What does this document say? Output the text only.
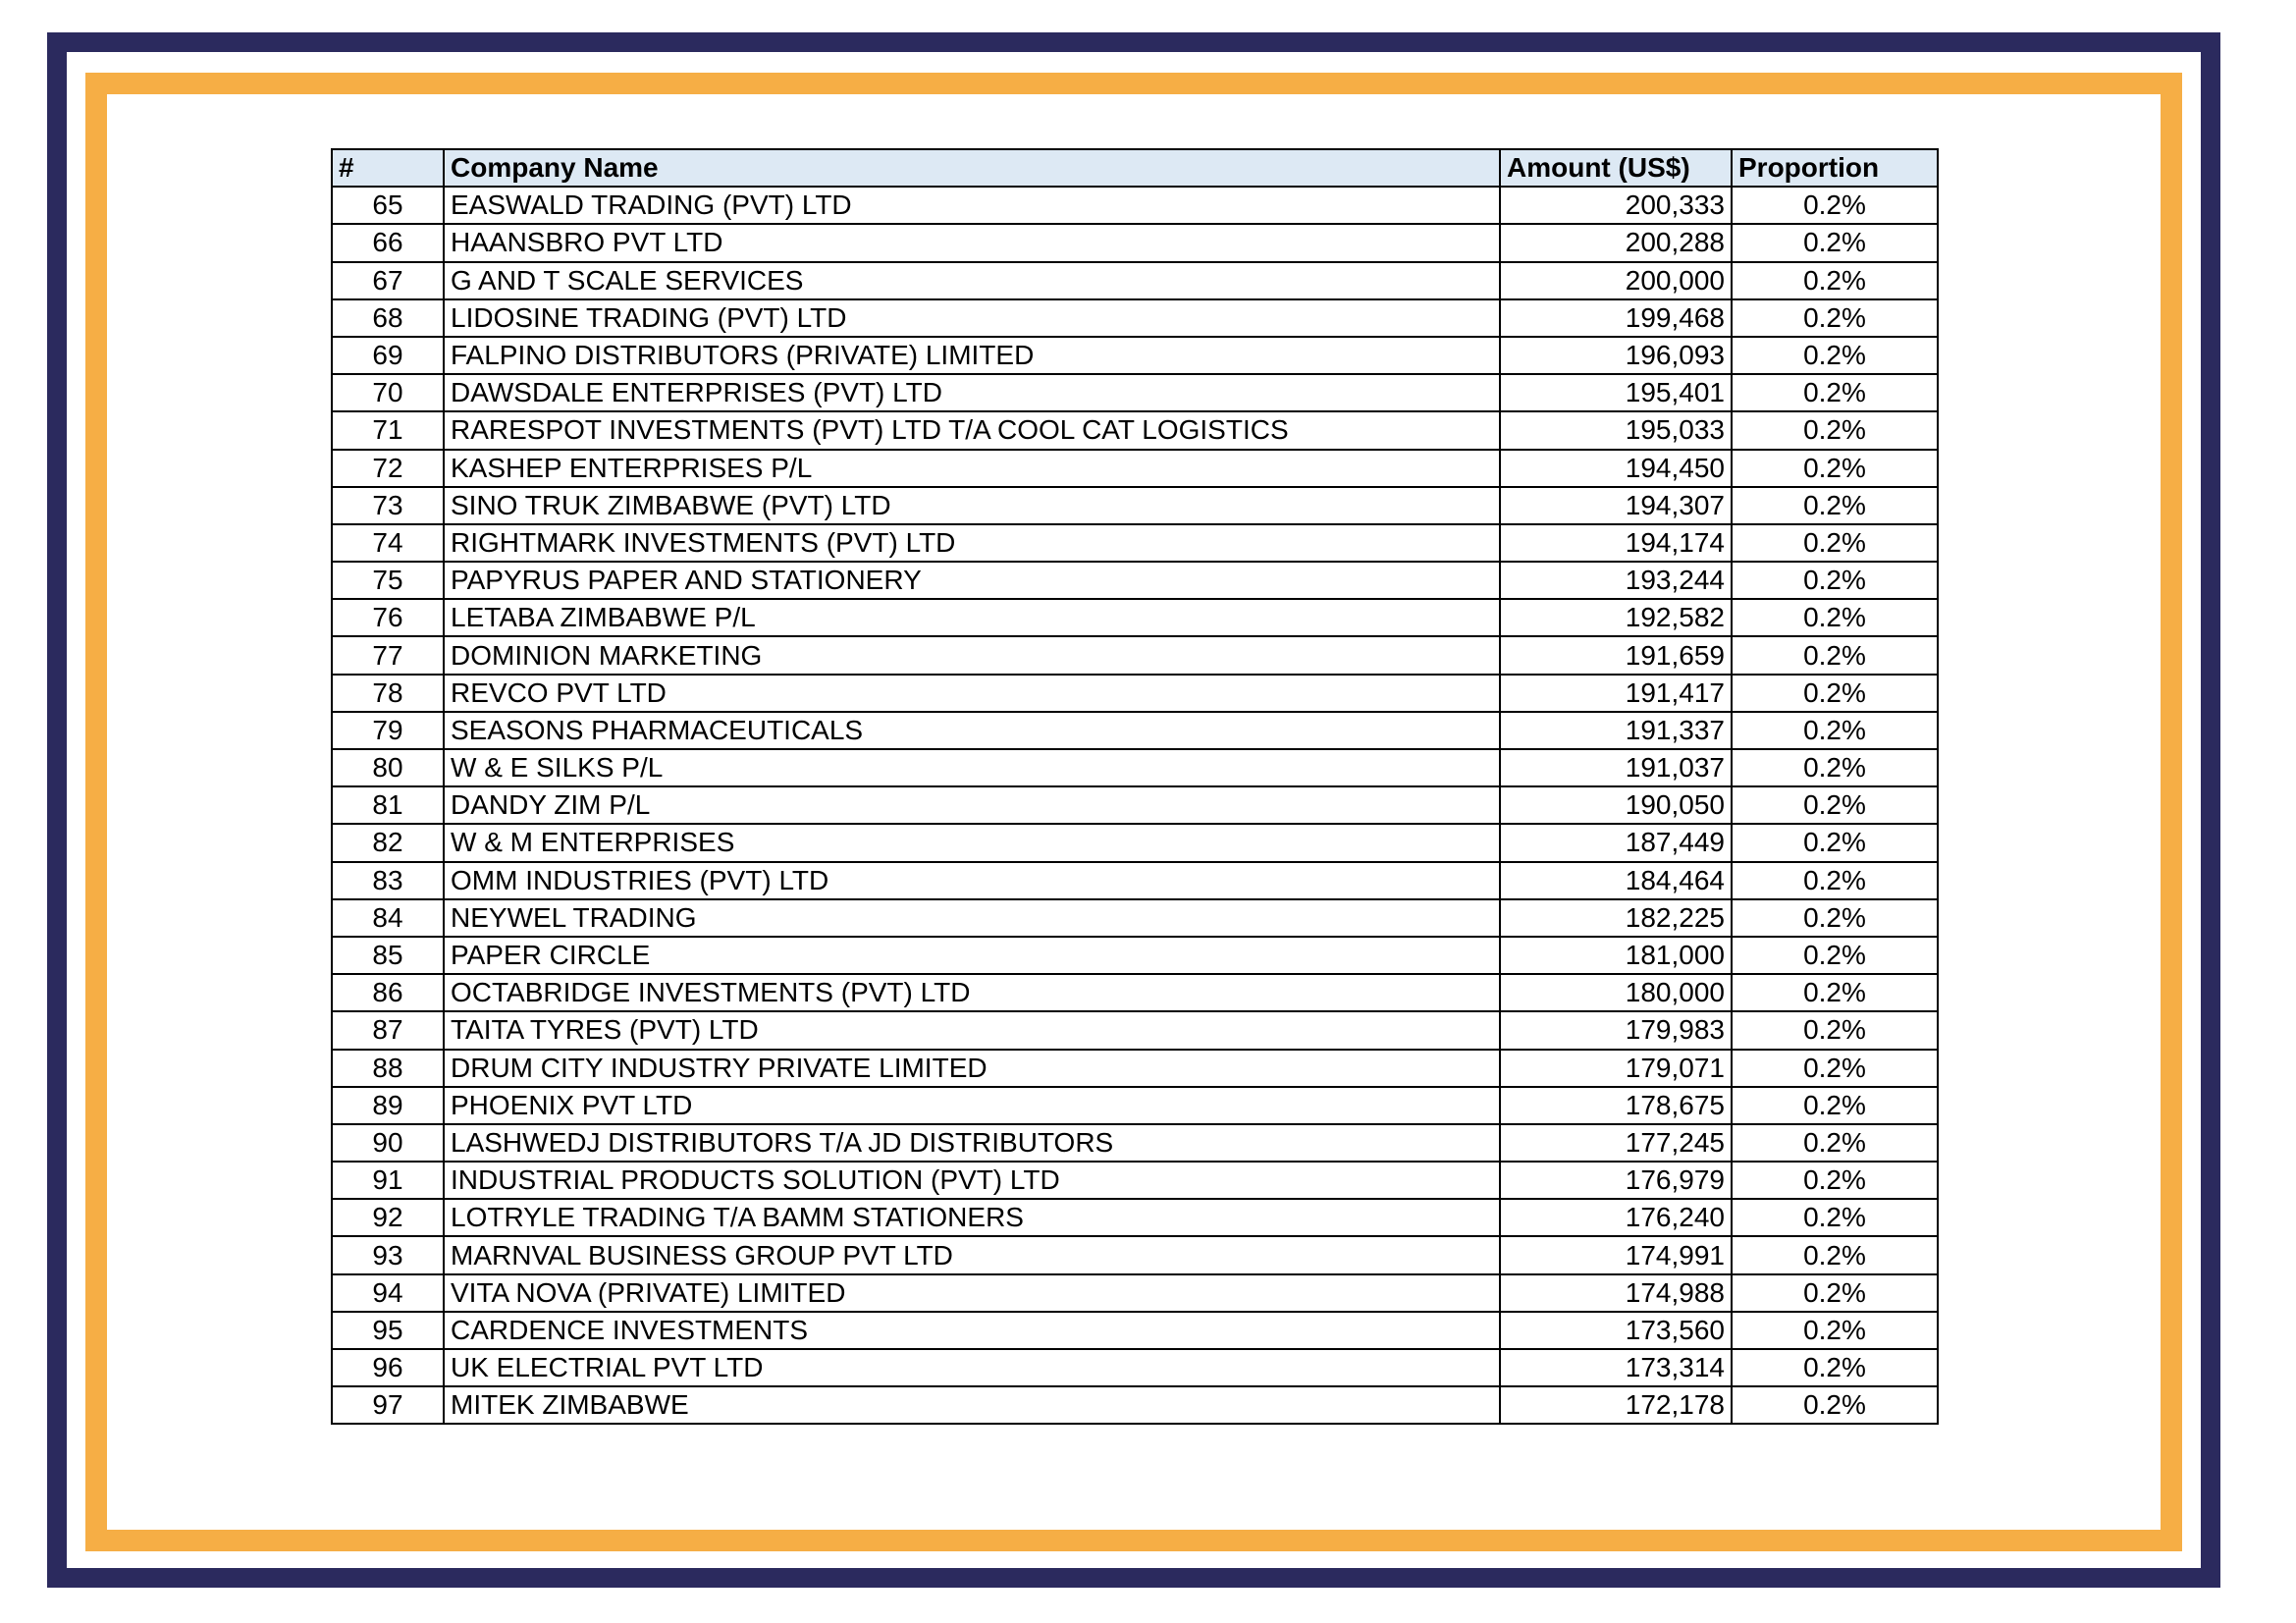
#	Company Name	Amount (US$)	Proportion
65	EASWALD TRADING (PVT) LTD	200,333	0.2%
66	HAANSBRO PVT LTD	200,288	0.2%
67	G AND T SCALE SERVICES	200,000	0.2%
68	LIDOSINE TRADING (PVT) LTD	199,468	0.2%
69	FALPINO DISTRIBUTORS (PRIVATE) LIMITED	196,093	0.2%
70	DAWSDALE ENTERPRISES (PVT) LTD	195,401	0.2%
71	RARESPOT INVESTMENTS (PVT) LTD T/A COOL CAT LOGISTICS	195,033	0.2%
72	KASHEP ENTERPRISES P/L	194,450	0.2%
73	SINO TRUK ZIMBABWE (PVT) LTD	194,307	0.2%
74	RIGHTMARK INVESTMENTS (PVT) LTD	194,174	0.2%
75	PAPYRUS PAPER AND STATIONERY	193,244	0.2%
76	LETABA ZIMBABWE P/L	192,582	0.2%
77	DOMINION MARKETING	191,659	0.2%
78	REVCO PVT LTD	191,417	0.2%
79	SEASONS PHARMACEUTICALS	191,337	0.2%
80	W & E SILKS P/L	191,037	0.2%
81	DANDY ZIM P/L	190,050	0.2%
82	W & M ENTERPRISES	187,449	0.2%
83	OMM INDUSTRIES (PVT) LTD	184,464	0.2%
84	NEYWEL TRADING	182,225	0.2%
85	PAPER CIRCLE	181,000	0.2%
86	OCTABRIDGE INVESTMENTS (PVT) LTD	180,000	0.2%
87	TAITA TYRES (PVT) LTD	179,983	0.2%
88	DRUM CITY INDUSTRY PRIVATE LIMITED	179,071	0.2%
89	PHOENIX PVT LTD	178,675	0.2%
90	LASHWEDJ DISTRIBUTORS T/A JD DISTRIBUTORS	177,245	0.2%
91	INDUSTRIAL PRODUCTS SOLUTION (PVT) LTD	176,979	0.2%
92	LOTRYLE TRADING T/A BAMM STATIONERS	176,240	0.2%
93	MARNVAL BUSINESS GROUP PVT LTD	174,991	0.2%
94	VITA NOVA (PRIVATE) LIMITED	174,988	0.2%
95	CARDENCE INVESTMENTS	173,560	0.2%
96	UK ELECTRIAL PVT LTD	173,314	0.2%
97	MITEK ZIMBABWE	172,178	0.2%
